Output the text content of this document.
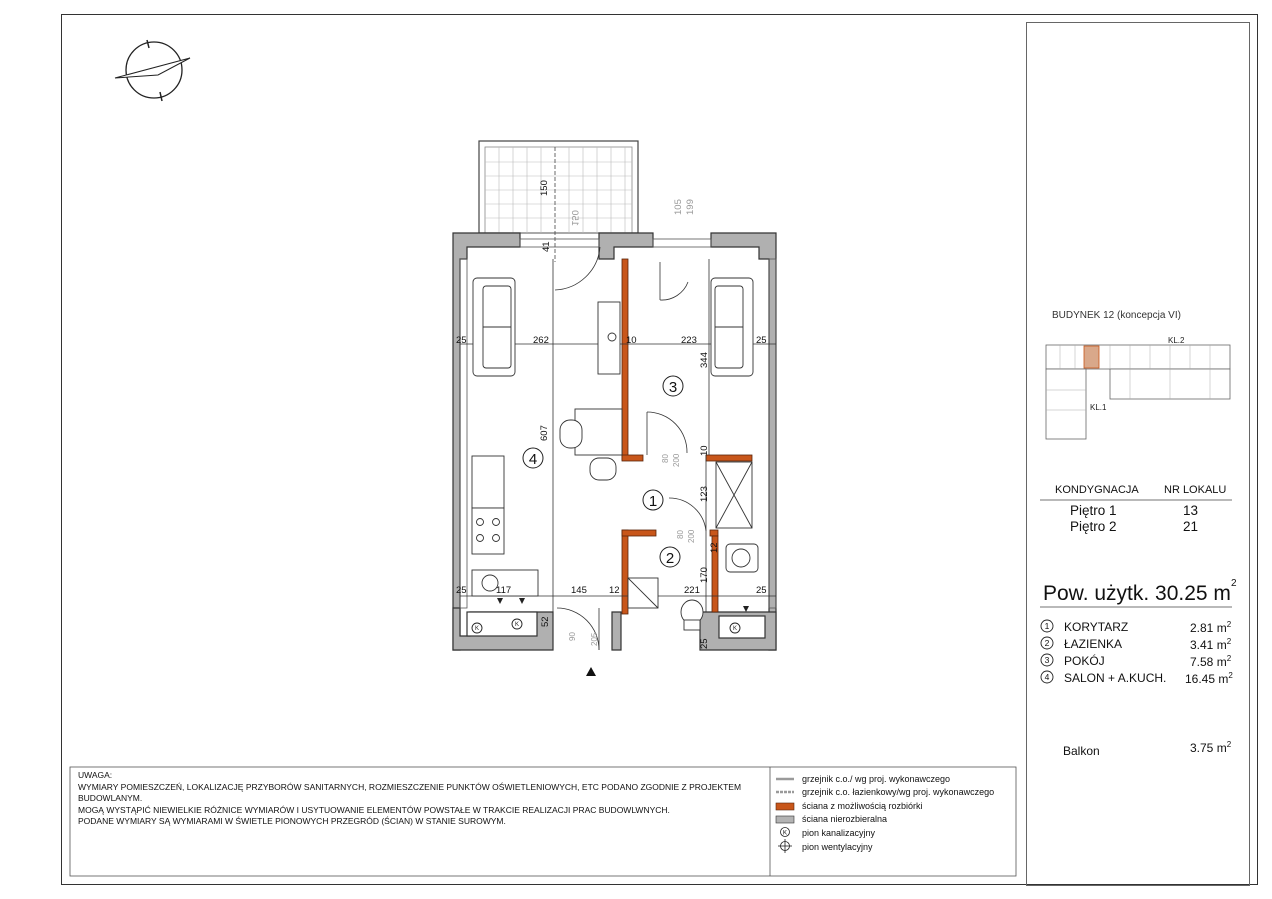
K
K
K
K
150
150
41
105 199
25	262	10	223	25
344
607
10
80 200
123
80 200
12
170
117
25	145 12	221	25
52
90 205	25
1
2
3
4
BUDYNEK 12 (koncepcja VI)
KL.2
KL.1
1
2
3
4
KONDYGNACJA NR LOKALU
Piętro 1	13
Piętro 2	21
Pow. użytk. 30.25 $m^2$
KORYTARZ	2.81 $m^2$
ŁAZIENKA	3.41 $m^2$
POKÓJ	7.58 $m^2$
SALON + A.KUCH. 16.45 $m^2$
Balkon	3.75 $m^2$
UWAGA:
WYMIARY POMIESZCZEŃ, LOKALIZACJĘ PRZYBORÓW SANITARNYCH, ROZMIESZCZENIE PUNKTÓW OŚWIETLENIOWYCH, ETC PODANO ZGODNIE Z PROJEKTEM
BUDOWLANYM.
MOGĄ WYSTĄPIĆ NIEWIELKIE RÓŻNICE WYMIARÓW I USYTUOWANIE ELEMENTÓW POWSTAŁE W TRAKCIE REALIZACJI PRAC BUDOWLWNYCH.
PODANE WYMIARY SĄ WYMIARAMI W ŚWIETLE PIONOWYCH PRZEGRÓD (ŚCIAN) W STANIE SUROWYM.
grzejnik c.o./ wg proj. wykonawczego
grzejnik c.o. łazienkowy/wg proj. wykonawczego
ściana z możliwością rozbiórki
ściana nierozbieralna
pion kanalizacyjny
pion wentylacyjny
